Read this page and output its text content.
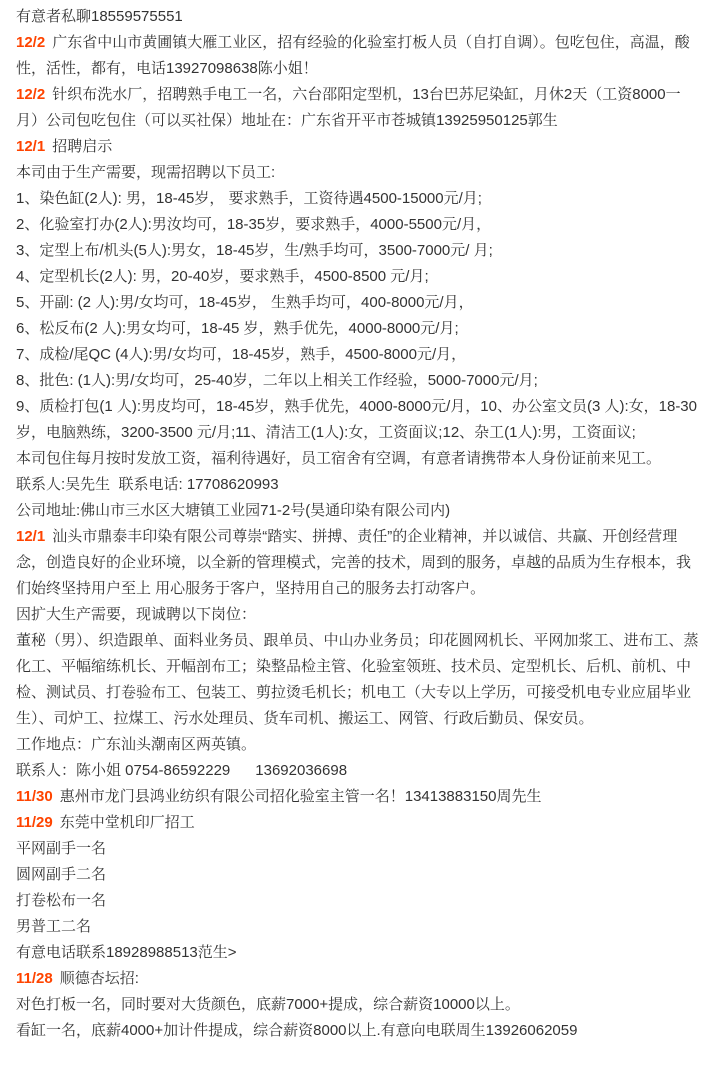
有意者私聊18559575551

12/2 广东省中山市黄圃镇大雁工业区，招有经验的化验室打板人员（自打自调）。包吃包住，高温，酸性，活性，都有，电话13927098638陈小姐！

12/2 针织布洗水厂，招聘熟手电工一名，六台邵阳定型机，13台巴苏尼染缸，月休2天（工资8000一月）公司包吃包住（可以买社保）地址在：广东省开平市苍城镇13925950125郭生

12/1 招聘启示

本司由于生产需要，现需招聘以下员工:

1、染色缸(2人): 男，18-45岁， 要求熟手，工资待遇4500-15000元/月;

2、化验室打办(2人):男汝均可，18-35岁，要求熟手，4000-5500元/月，

3、定型上布/机头(5人):男女，18-45岁，生/熟手均可，3500-7000元/ 月;

4、定型机长(2人): 男，20-40岁，要求熟手，4500-8500 元/月;

5、开副: (2 人):男/女均可，18-45岁， 生熟手均可，400-8000元/月，

6、松反布(2 人):男女均可，18-45 岁，熟手优先，4000-8000元/月;

7、成检/尾QC (4人):男/女均可，18-45岁，熟手，4500-8000元/月，

8、批色: (1人):男/女均可，25-40岁，二年以上相关工作经验，5000-7000元/月;

9、质检打包(1 人):男皮均可，18-45岁，熟手优先，4000-8000元/月，10、办公室文员(3 人):女，18-30岁，电脑熟练，3200-3500 元/月;11、清洁工(1人):女，工资面议;12、杂工(1人):男，工资面议;

本司包住每月按时发放工资，福利待遇好，员工宿舍有空调，有意者请携带本人身份证前来见工。

联系人:吴先生  联系电话: 17708620993

公司地址:佛山市三水区大塘镇工业园71-2号(昊通印染有限公司内)

12/1 汕头市鼎泰丰印染有限公司尊崇“踏实、拼搏、责任”的企业精神，并以诚信、共赢、开创经营理念，创造良好的企业环境，以全新的管理模式，完善的技术，周到的服务，卓越的品质为生存根本，我们始终坚持用户至上 用心服务于客户，坚持用自己的服务去打动客户。

因扩大生产需要，现诚聘以下岗位：

董秘（男）、织造跟单、面料业务员、跟单员、中山办业务员；印花圆网机长、平网加浆工、进布工、蒸化工、平幅缩练机长、开幅剖布工；染整品检主管、化验室领班、技术员、定型机长、后机、前机、中检、测试员、打卷验布工、包装工、剪拉烫毛机长；机电工（大专以上学历，可接受机电专业应届毕业生）、司炉工、拉煤工、污水处理员、货车司机、搬运工、网管、行政后勤员、保安员。

工作地点：广东汕头潮南区两英镇。

联系人：陈小姐 0754-86592229      13692036698

11/30 惠州市龙门县鸿业纺织有限公司招化验室主管一名！13413883150周先生

11/29 东莞中堂机印厂招工

平网副手一名

圆网副手二名

打卷松布一名

男普工二名

有意电话联系18928988513范生>

11/28 顺德杏坛招:

对色打板一名，同时要对大货颜色，底薪7000+提成，综合薪资10000以上。

看缸一名，底薪4000+加计件提成，综合薪资8000以上.有意向电联周生13926062059
